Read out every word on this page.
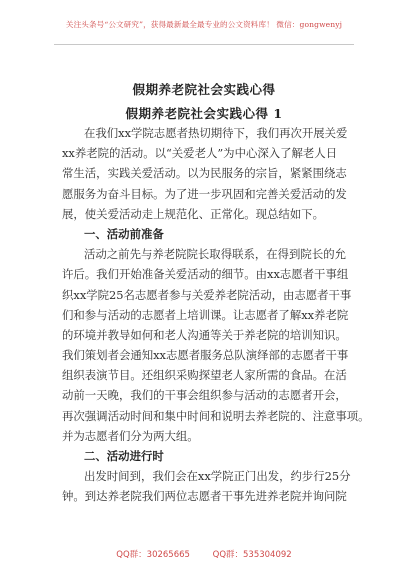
关注头条号“公文研究”，获得最新最全最专业的公文资料库！ 微信：gongwenyj
假期养老院社会实践心得
假期养老院社会实践心得 1
在我们xx学院志愿者热切期待下，我们再次开展关爱
xx养老院的活动。以“关爱老人”为中心深入了解老人日
常生活，实践关爱活动。以为民服务的宗旨，紧紧围绕志
愿服务为奋斗目标。为了进一步巩固和完善关爱活动的发
展，使关爱活动走上规范化、正常化。现总结如下。
一、活动前准备
活动之前先与养老院院长取得联系，在得到院长的允
许后。我们开始准备关爱活动的细节。由xx志愿者干事组
织xx学院25名志愿者参与关爱养老院活动，由志愿者干事
们和参与活动的志愿者上培训课。让志愿者了解xx养老院
的环境并教导如何和老人沟通等关于养老院的培训知识。
我们策划者会通知xx志愿者服务总队演绎部的志愿者干事
组织表演节目。还组织采购探望老人家所需的食品。在活
动前一天晚，我们的干事会组织参与活动的志愿者开会，
再次强调活动时间和集中时间和说明去养老院的、注意事项。
并为志愿者们分为两大组。
二、活动进行时
出发时间到，我们会在xx学院正门出发，约步行25分
钟。到达养老院我们两位志愿者干事先进养老院并询问院
QQ群：30265665	QQ群：535304092
